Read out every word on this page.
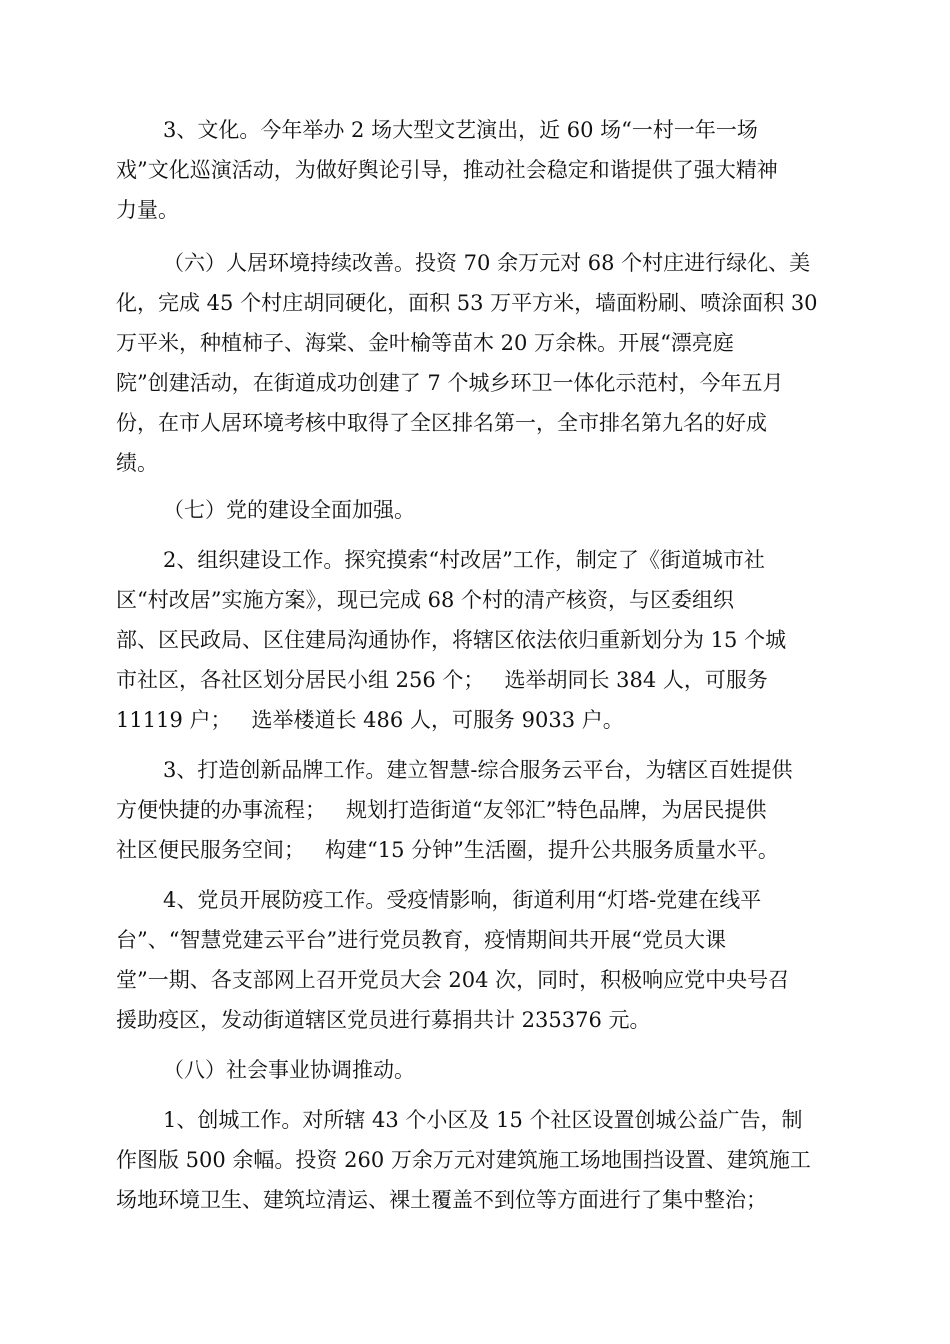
3、文化。今年举办 2 场大型文艺演出，近 60 场“一村一年一场
戏”文化巡演活动，为做好舆论引导，推动社会稳定和谐提供了强大精神
力量。
（六）人居环境持续改善。投资 70 余万元对 68 个村庄进行绿化、美
化，完成 45 个村庄胡同硬化，面积 53 万平方米，墙面粉刷、喷涂面积 30
万平米，种植柿子、海棠、金叶榆等苗木 20 万余株。开展“漂亮庭
院”创建活动，在街道成功创建了 7 个城乡环卫一体化示范村，今年五月
份，在市人居环境考核中取得了全区排名第一，全市排名第九名的好成
绩。
（七）党的建设全面加强。
2、组织建设工作。探究摸索“村改居”工作，制定了《街道城市社
区“村改居”实施方案》，现已完成 68 个村的清产核资，与区委组织
部、区民政局、区住建局沟通协作，将辖区依法依归重新划分为 15 个城
市社区，各社区划分居民小组 256 个；   选举胡同长 384 人，可服务
11119 户；   选举楼道长 486 人，可服务 9033 户。
3、打造创新品牌工作。建立智慧-综合服务云平台，为辖区百姓提供
方便快捷的办事流程；   规划打造街道“友邻汇”特色品牌，为居民提供
社区便民服务空间；   构建“15 分钟”生活圈，提升公共服务质量水平。
4、党员开展防疫工作。受疫情影响，街道利用“灯塔-党建在线平
台”、“智慧党建云平台”进行党员教育，疫情期间共开展“党员大课
堂”一期、各支部网上召开党员大会 204 次，同时，积极响应党中央号召
援助疫区，发动街道辖区党员进行募捐共计 235376 元。
（八）社会事业协调推动。
1、创城工作。对所辖 43 个小区及 15 个社区设置创城公益广告，制
作图版 500 余幅。投资 260 万余万元对建筑施工场地围挡设置、建筑施工
场地环境卫生、建筑垃清运、裸土覆盖不到位等方面进行了集中整治；
